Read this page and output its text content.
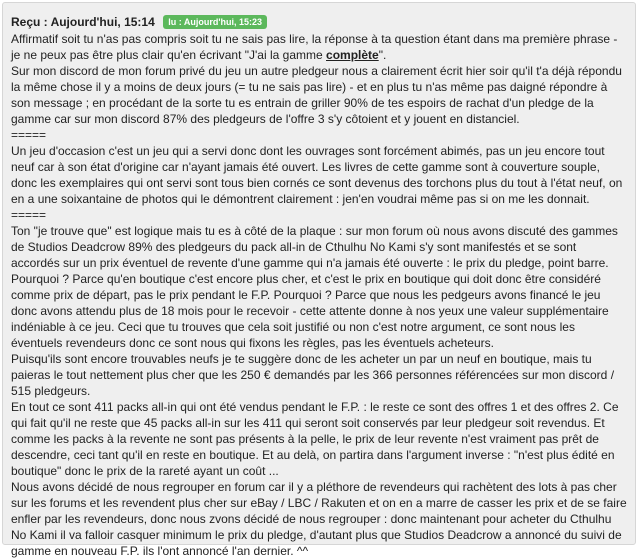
Reçu : Aujourd'hui, 15:14 lu : Aujourd'hui, 15:23

Affirmatif soit tu n'as pas compris soit tu ne sais pas lire, la réponse à ta question étant dans ma première phrase - je ne peux pas être plus clair qu'en écrivant "J'ai la gamme complète".

Sur mon discord de mon forum privé du jeu un autre pledgeur nous a clairement écrit hier soir qu'il t'a déjà répondu la même chose il y a moins de deux jours (= tu ne sais pas lire) - et en plus tu n'as même pas daigné répondre à son message ; en procédant de la sorte tu es entrain de griller 90% de tes espoirs de rachat d'un pledge de la gamme car sur mon discord 87% des pledgeurs de l'offre 3 s'y côtoient et y jouent en distanciel.

=====

Un jeu d'occasion c'est un jeu qui a servi donc dont les ouvrages sont forcément abimés, pas un jeu encore tout neuf car à son état d'origine car n'ayant jamais été ouvert. Les livres de cette gamme sont à couverture souple, donc les exemplaires qui ont servi sont tous bien cornés ce sont devenus des torchons plus du tout à l'état neuf, on en a une soixantaine de photos qui le démontrent clairement : jen'en voudrai même pas si on me les donnait.

=====

Ton "je trouve que" est logique mais tu es à côté de la plaque : sur mon forum où nous avons discuté des gammes de Studios Deadcrow 89% des pledgeurs du pack all-in de Cthulhu No Kami s'y sont manifestés et se sont accordés sur un prix éventuel de revente d'une gamme qui n'a jamais été ouverte : le prix du pledge, point barre. Pourquoi ? Parce qu'en boutique c'est encore plus cher, et c'est le prix en boutique qui doit donc être considéré comme prix de départ, pas le prix pendant le F.P. Pourquoi ? Parce que nous les pedgeurs avons financé le jeu donc avons attendu plus de 18 mois pour le recevoir - cette attente donne à nos yeux une valeur supplémentaire indéniable à ce jeu. Ceci que tu trouves que cela soit justifié ou non c'est notre argument, ce sont nous les éventuels revendeurs donc ce sont nous qui fixons les règles, pas les éventuels acheteurs.

Puisqu'ils sont encore trouvables neufs je te suggère donc de les acheter un par un neuf en boutique, mais tu paieras le tout nettement plus cher que les 250 € demandés par les 366 personnes référencées sur mon discord / 515 pledgeurs.

En tout ce sont 411 packs all-in qui ont été vendus pendant le F.P. : le reste ce sont des offres 1 et des offres 2. Ce qui fait qu'il ne reste que 45 packs all-in sur les 411 qui seront soit conservés par leur pledgeur soit revendus. Et comme les packs à la revente ne sont pas présents à la pelle, le prix de leur revente n'est vraiment pas prêt de descendre, ceci tant qu'il en reste en boutique. Et au delà, on partira dans l'argument inverse : "n'est plus édité en boutique" donc le prix de la rareté ayant un coût ...

Nous avons décidé de nous regrouper en forum car il y a pléthore de revendeurs qui rachètent des lots à pas cher sur les forums et les revendent plus cher sur eBay / LBC / Rakuten et on en a marre de casser les prix et de se faire enfler par les revendeurs, donc nous zvons décidé de nous regrouper : donc maintenant pour acheter du Cthulhu No Kami il va falloir casquer minimum le prix du pledge, d'autant plus que Studios Deadcrow a annoncé du suivi de gamme en nouveau F.P. ils l'ont annoncé l'an dernier. ^^
